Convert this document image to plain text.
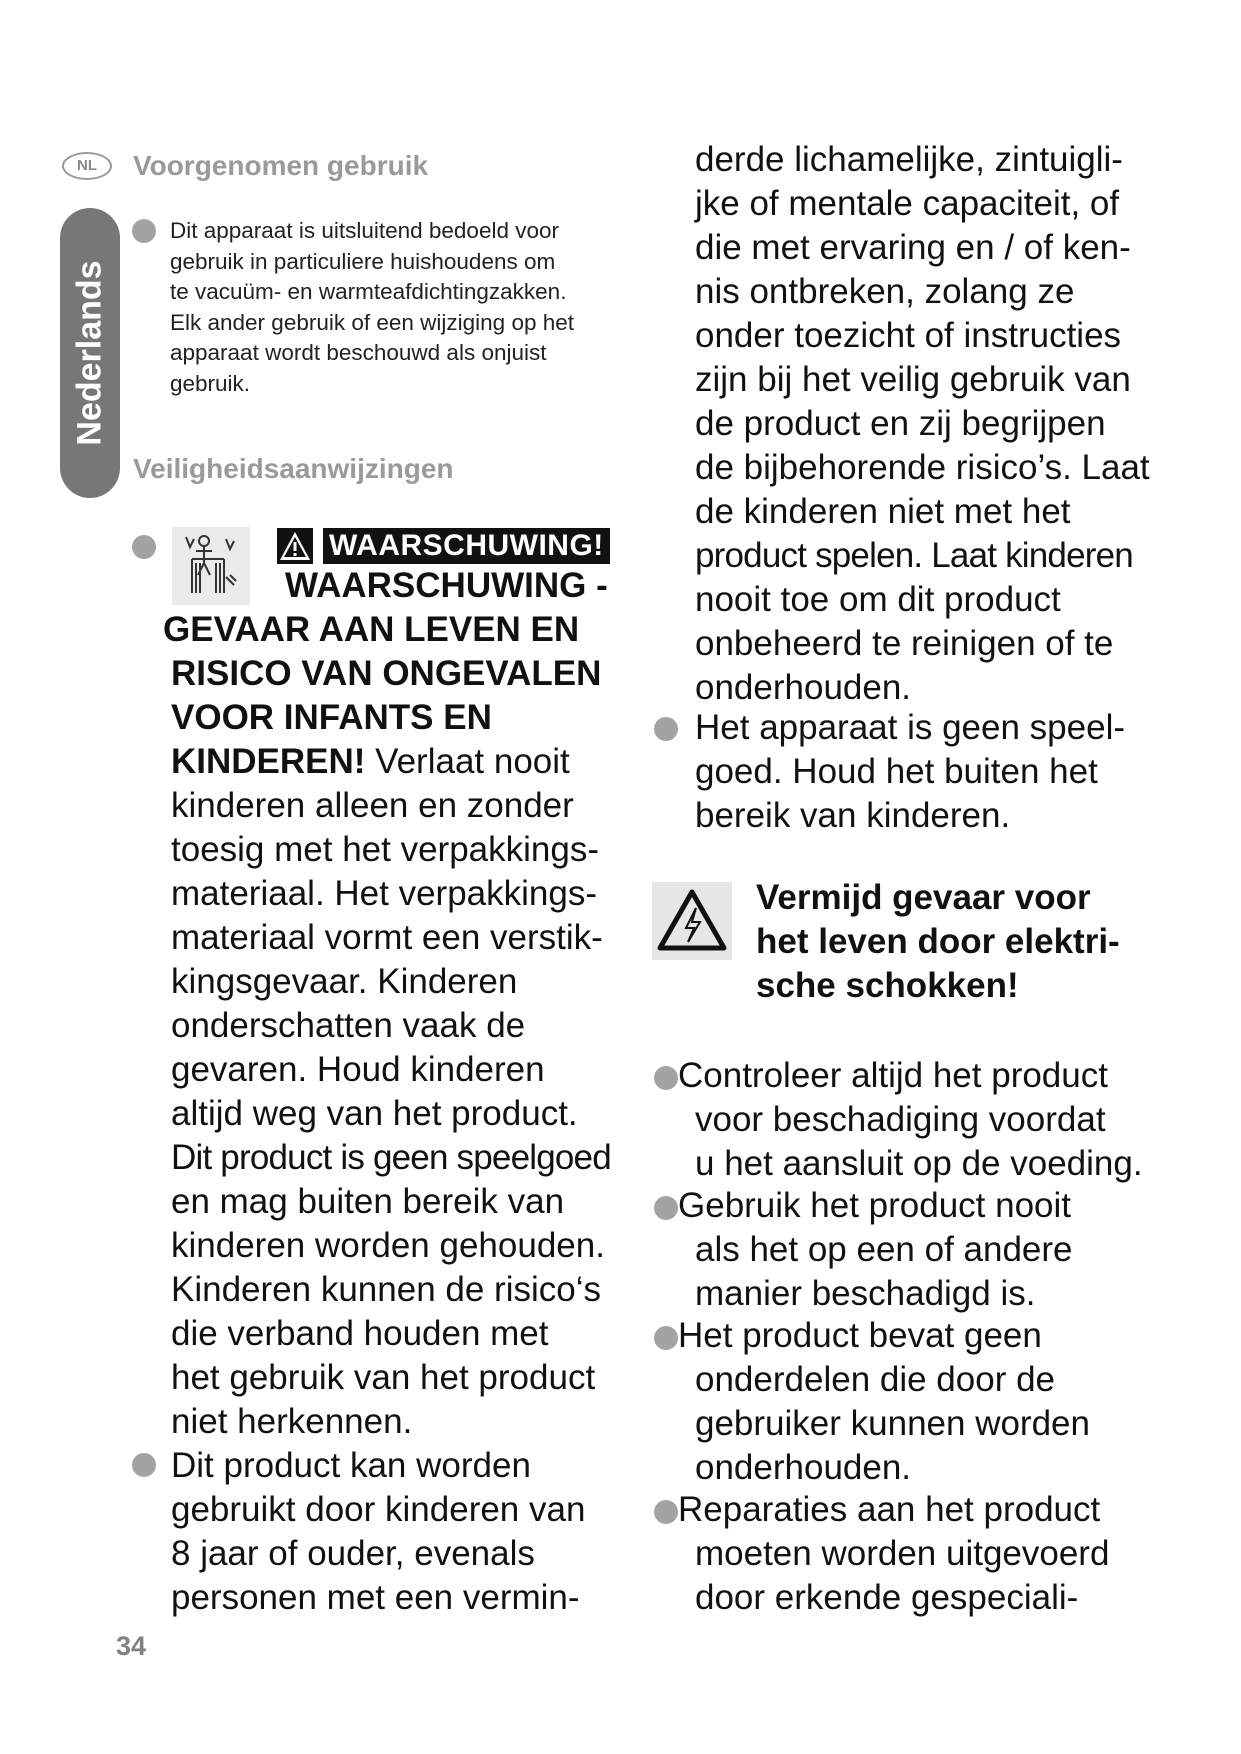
NL	Voorgenomen gebruik
Nederlands
Dit apparaat is uitsluitend bedoeld voor
gebruik in particuliere huishoudens om
te vacuüm- en warmteafdichtingzakken.
Elk ander gebruik of een wijziging op het
apparaat wordt beschouwd als onjuist
gebruik.
Veiligheidsaanwijzingen
WAARSCHUWING!
WAARSCHUWING -
GEVAAR AAN LEVEN EN
RISICO VAN ONGEVALEN
VOOR INFANTS EN
KINDEREN! Verlaat nooit
kinderen alleen en zonder
toesig met het verpakkings-
materiaal. Het verpakkings-
materiaal vormt een verstik-
kingsgevaar. Kinderen
onderschatten vaak de
gevaren. Houd kinderen
altijd weg van het product.
Dit product is geen speelgoed
en mag buiten bereik van
kinderen worden gehouden.
Kinderen kunnen de risico‘s
die verband houden met
het gebruik van het product
niet herkennen.
Dit product kan worden
gebruikt door kinderen van
8 jaar of ouder, evenals
personen met een vermin-
34
derde lichamelijke, zintuigli-
jke of mentale capaciteit, of
die met ervaring en / of ken-
nis ontbreken, zolang ze
onder toezicht of instructies
zijn bij het veilig gebruik van
de product en zij begrijpen
de bijbehorende risico’s. Laat
de kinderen niet met het
product spelen. Laat kinderen
nooit toe om dit product
onbeheerd te reinigen of te
onderhouden.
Het apparaat is geen speel-
goed. Houd het buiten het
bereik van kinderen.
Vermijd gevaar voor
het leven door elektri-
sche schokken!
Controleer altijd het product
voor beschadiging voordat
u het aansluit op de voeding.
Gebruik het product nooit
als het op een of andere
manier beschadigd is.
Het product bevat geen
onderdelen die door de
gebruiker kunnen worden
onderhouden.
Reparaties aan het product
moeten worden uitgevoerd
door erkende gespeciali-
